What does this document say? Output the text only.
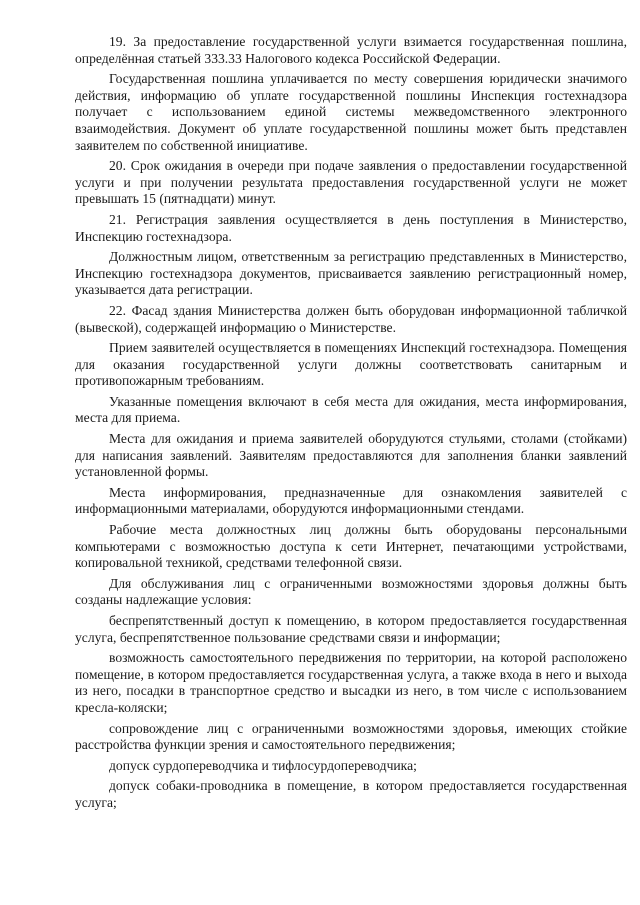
19. За предоставление государственной услуги взимается государственная пошлина, определённая статьей 333.33 Налогового кодекса Российской Федерации.

Государственная пошлина уплачивается по месту совершения юридически значимого действия, информацию об уплате государственной пошлины Инспекция гостехнадзора получает с использованием единой системы межведомственного электронного взаимодействия. Документ об уплате государственной пошлины может быть представлен заявителем по собственной инициативе.

20. Срок ожидания в очереди при подаче заявления о предоставлении государственной услуги и при получении результата предоставления государственной услуги не может превышать 15 (пятнадцати) минут.

21. Регистрация заявления осуществляется в день поступления в Министерство, Инспекцию гостехнадзора.

Должностным лицом, ответственным за регистрацию представленных в Министерство, Инспекцию гостехнадзора документов, присваивается заявлению регистрационный номер, указывается дата регистрации.

22. Фасад здания Министерства должен быть оборудован информационной табличкой (вывеской), содержащей информацию о Министерстве.

Прием заявителей осуществляется в помещениях Инспекций гостехнадзора. Помещения для оказания государственной услуги должны соответствовать санитарным и противопожарным требованиям.

Указанные помещения включают в себя места для ожидания, места информирования, места для приема.

Места для ожидания и приема заявителей оборудуются стульями, столами (стойками) для написания заявлений. Заявителям предоставляются для заполнения бланки заявлений установленной формы.

Места информирования, предназначенные для ознакомления заявителей с информационными материалами, оборудуются информационными стендами.

Рабочие места должностных лиц должны быть оборудованы персональными компьютерами с возможностью доступа к сети Интернет, печатающими устройствами, копировальной техникой, средствами телефонной связи.

Для обслуживания лиц с ограниченными возможностями здоровья должны быть созданы надлежащие условия:

беспрепятственный доступ к помещению, в котором предоставляется государственная услуга, беспрепятственное пользование средствами связи и информации;

возможность самостоятельного передвижения по территории, на которой расположено помещение, в котором предоставляется государственная услуга, а также входа в него и выхода из него, посадки в транспортное средство и высадки из него, в том числе с использованием кресла-коляски;

сопровождение лиц с ограниченными возможностями здоровья, имеющих стойкие расстройства функции зрения и самостоятельного передвижения;

допуск сурдопереводчика и тифлосурдопереводчика;

допуск собаки-проводника в помещение, в котором предоставляется государственная услуга;
